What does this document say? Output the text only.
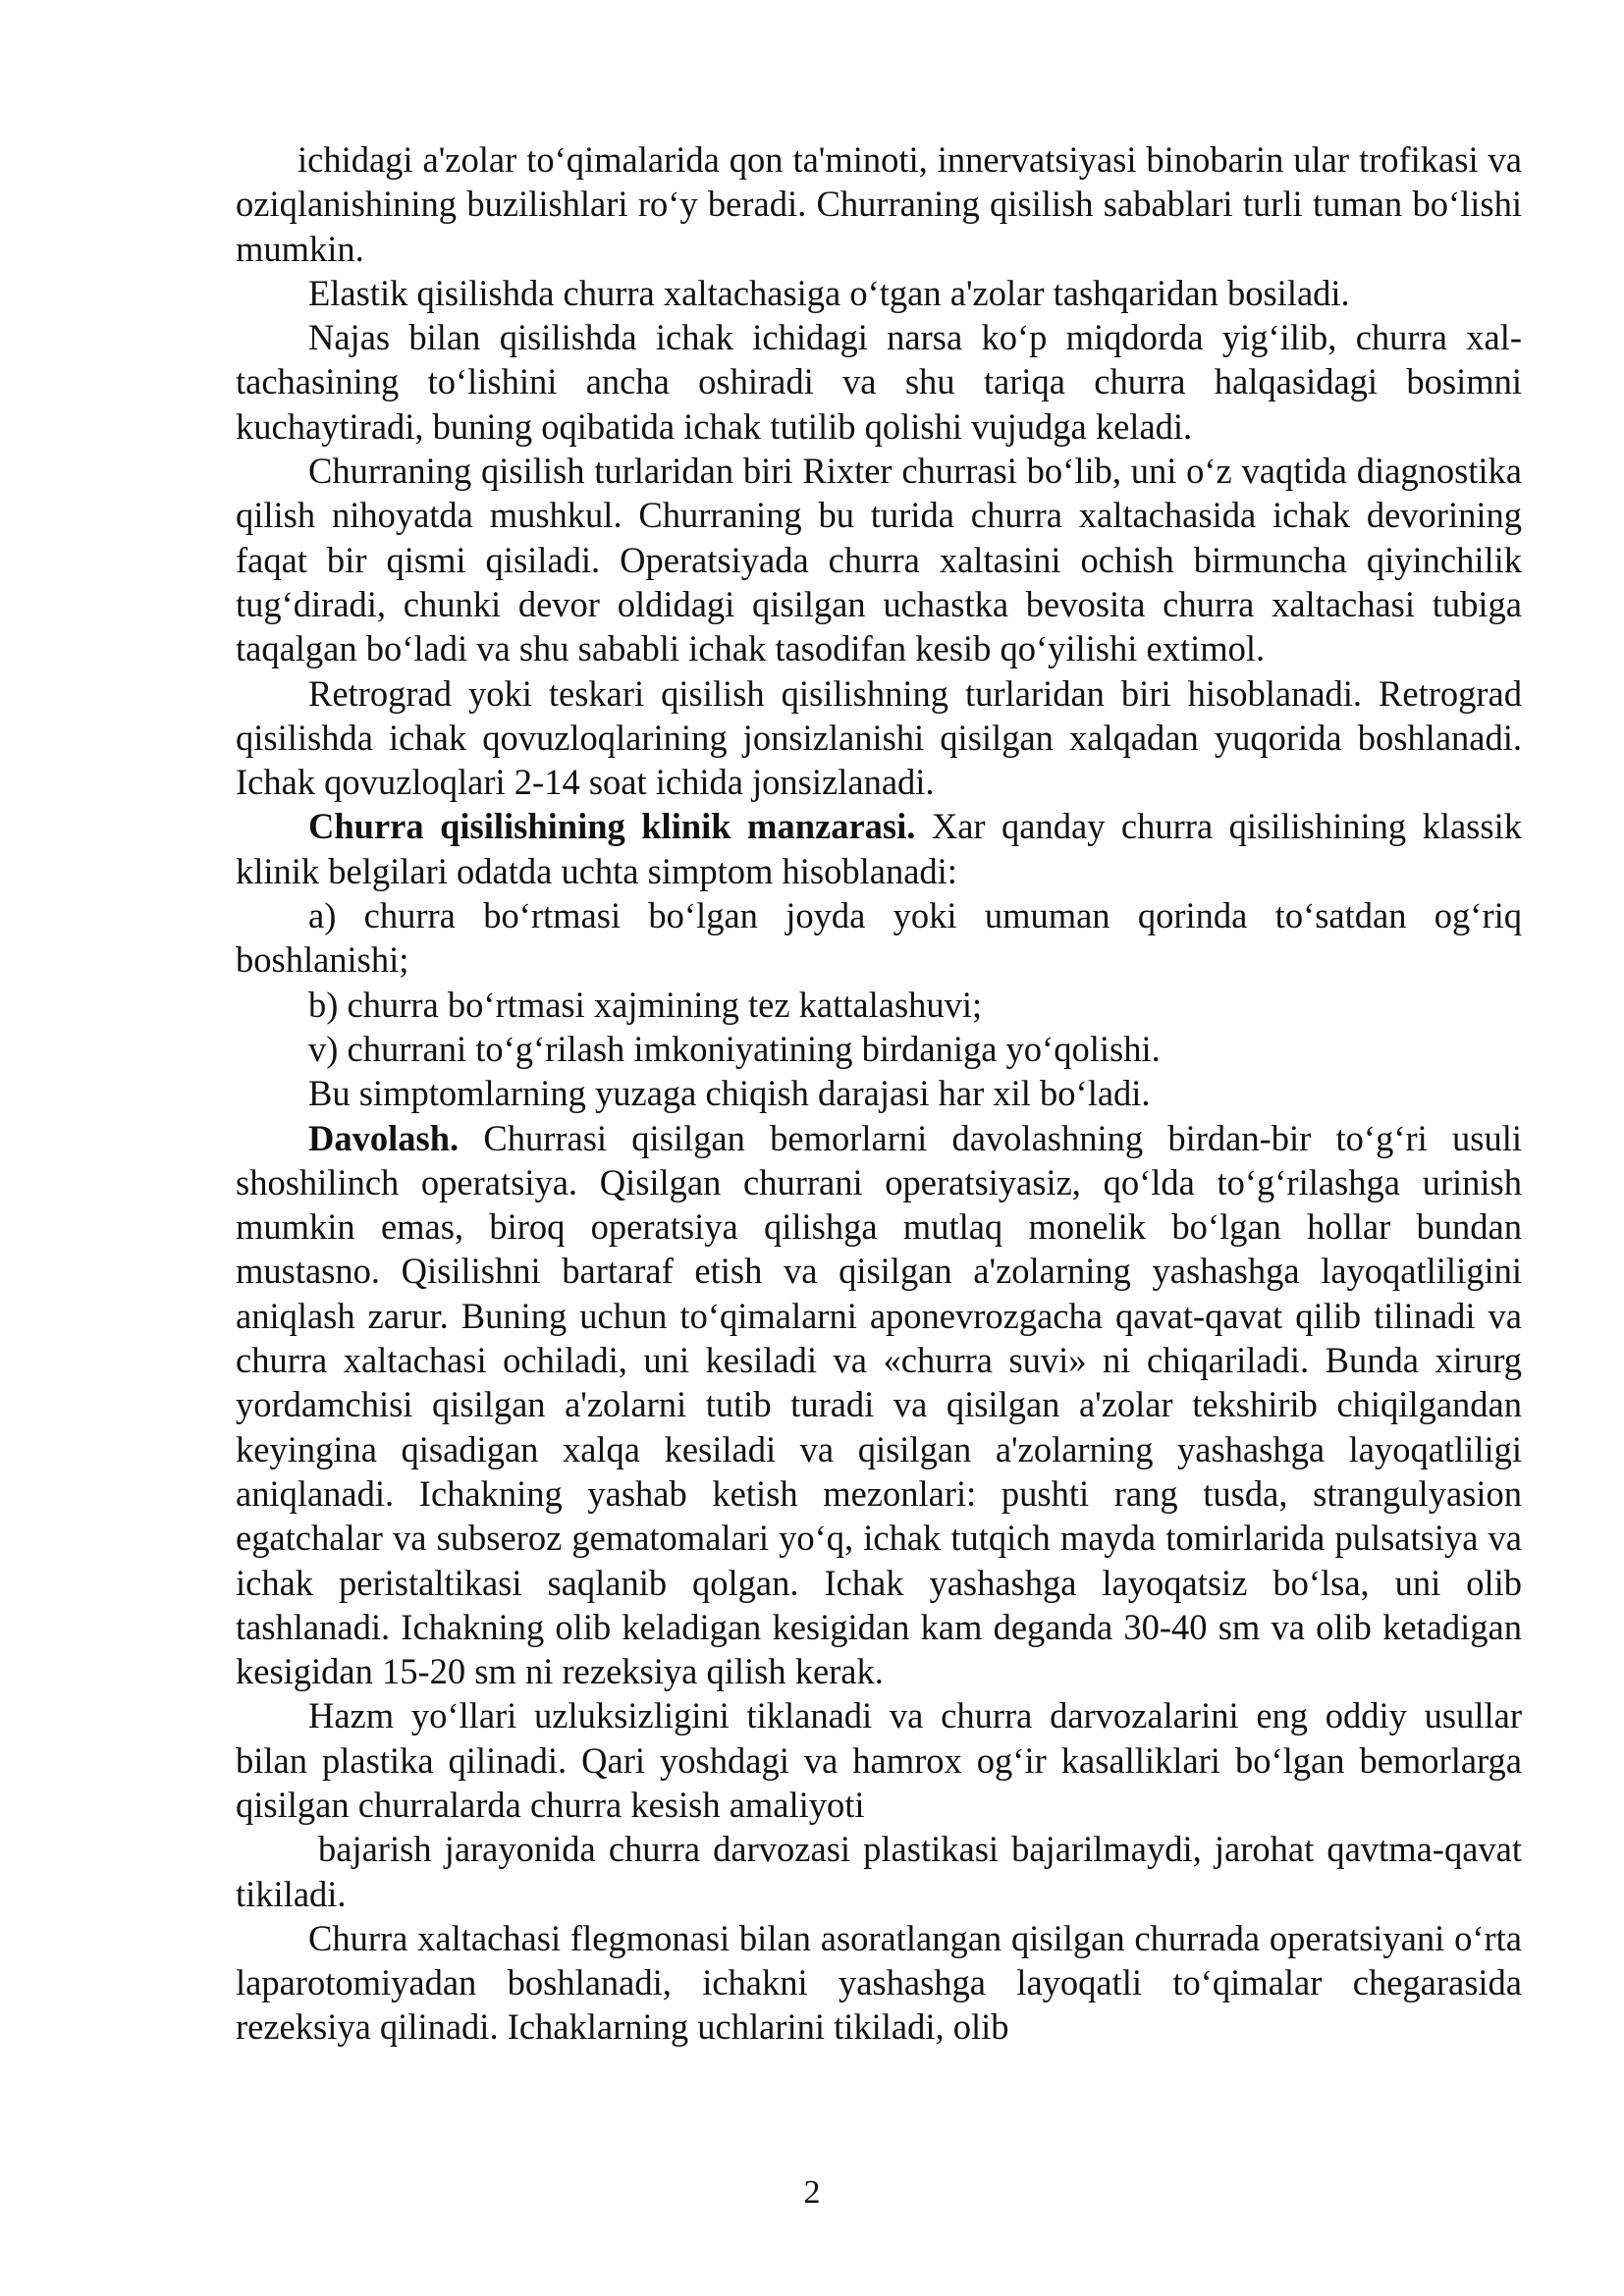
ichidagi a'zolar to‘qimalarida qon ta'minoti, innervatsiyasi binobarin ular trofikasi va oziqlanishining buzilishlari ro‘y beradi. Churraning qisilish sabablari turli tuman bo‘lishi mumkin.

Elastik qisilishda churra xaltachasiga o‘tgan a'zolar tashqaridan bosiladi.

Najas bilan qisilishda ichak ichidagi narsa ko‘p miqdorda yig‘ilib, churra xaltachasining to‘lishini ancha oshiradi va shu tariqa churra halqasidagi bosimni kuchaytiradi, buning oqibatida ichak tutilib qolishi vujudga keladi.

Churraning qisilish turlaridan biri Rixter churrasi bo‘lib, uni o‘z vaqtida diagnostika qilish nihoyatda mushkul. Churraning bu turida churra xaltachasida ichak devorining faqat bir qismi qisiladi. Operatsiyada churra xaltasini ochish birmuncha qiyinchilik tug‘diradi, chunki devor oldidagi qisilgan uchastka bevosita churra xaltachasi tubiga taqalgan bo‘ladi va shu sababli ichak tasodifan kesib qo‘yilishi extimol.

Retrograd yoki teskari qisilish qisilishning turlaridan biri hisoblanadi. Retrograd qisilishda ichak qovuzloqlarining jonsizlanishi qisilgan xalqadan yuqorida boshlanadi. Ichak qovuzloqlari 2-14 soat ichida jonsizlanadi.

Churra qisilishining klinik manzarasi. Xar qanday churra qisilishining klassik klinik belgilari odatda uchta simptom hisoblanadi:

a) churra bo‘rtmasi bo‘lgan joyda yoki umuman qorinda to‘satdan og‘riq boshlanishi;

b) churra bo‘rtmasi xajmining tez kattalashuvi;

v) churrani to‘g‘rilash imkoniyatining birdaniga yo‘qolishi.

Bu simptomlarning yuzaga chiqish darajasi har xil bo‘ladi.

Davolash. Churrasi qisilgan bemorlarni davolashning birdan-bir to‘g‘ri usuli shoshilinch operatsiya. Qisilgan churrani operatsiyasiz, qo‘lda to‘g‘rilashga urinish mumkin emas, biroq operatsiya qilishga mutlaq monelik bo‘lgan hollar bundan mustasno. Qisilishni bartaraf etish va qisilgan a'zolarning yashashga layoqatliligini aniqlash zarur. Buning uchun to‘qimalarni aponevrozgacha qavat-qavat qilib tilinadi va churra xaltachasi ochiladi, uni kesiladi va «churra suvi» ni chiqariladi. Bunda xirurg yordamchisi qisilgan a'zolarni tutib turadi va qisilgan a'zolar tekshirib chiqilgandan keyingina qisadigan xalqa kesiladi va qisilgan a'zolarning yashashga layoqatliligi aniqlanadi. Ichakning yashab ketish mezonlari: pushti rang tusda, strangulyasion egatchalar va subseroz gematomalari yo‘q, ichak tutqich mayda tomirlarida pulsatsiya va ichak peristaltikasi saqlanib qolgan. Ichak yashashga layoqatsiz bo‘lsa, uni olib tashlanadi. Ichakning olib keladigan kesigidan kam deganda 30-40 sm va olib ketadigan kesigidan 15-20 sm ni rezeksiya qilish kerak.

Hazm yo‘llari uzluksizligini tiklanadi va churra darvozalarini eng oddiy usullar bilan plastika qilinadi. Qari yoshdagi va hamrox og‘ir kasalliklari bo‘lgan bemorlarga qisilgan churralarda churra kesish amaliyoti

bajarish jarayonida churra darvozasi plastikasi bajarilmaydi, jarohat qavtma-qavat tikiladi.

Churra xaltachasi flegmonasi bilan asoratlangan qisilgan churrada operatsiyani o‘rta laparotomiyadan boshlanadi, ichakni yashashga layoqatli to‘qimalar chegarasida rezeksiya qilinadi. Ichaklarning uchlarini tikiladi, olib

2
